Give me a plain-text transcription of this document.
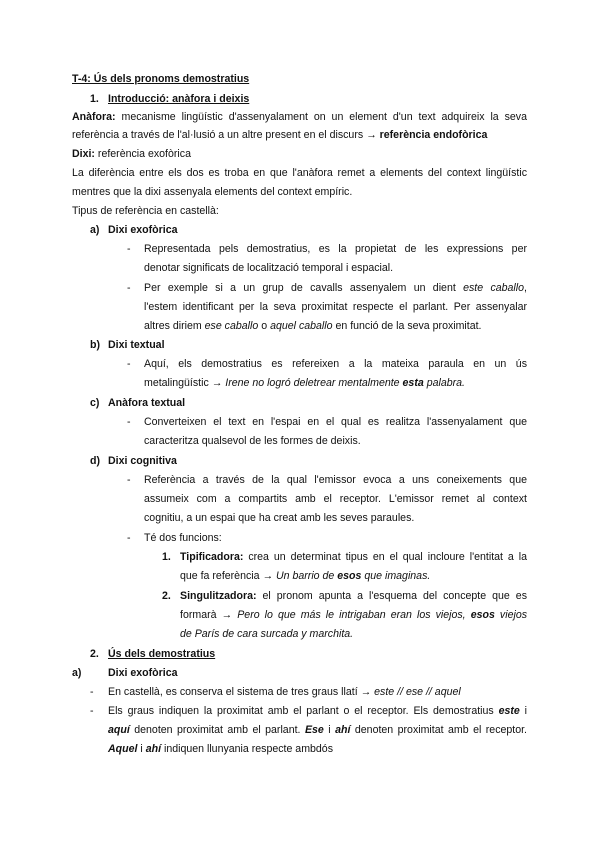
T-4: Ús dels pronoms demostratius
1. Introducció: anàfora i deixis
Anàfora: mecanisme lingüístic d'assenyalament on un element d'un text adquireix la seva
referència a través de l'al·lusió a un altre present en el discurs → referència endofòrica
Dixi: referència exofòrica
La diferència entre els dos es troba en que l'anàfora remet a elements del context lingüístic
mentres que la dixi assenyala elements del context empíric.
Tipus de referència en castellà:
a) Dixi exofòrica
- Representada pels demostratius, es la propietat de les expressions per
denotar significats de localització temporal i espacial.
- Per exemple si a un grup de cavalls assenyalem un dient este caballo,
l'estem identificant per la seva proximitat respecte el parlant. Per assenyalar
altres diriem ese caballo o aquel caballo en funció de la seva proximitat.
b) Dixi textual
- Aquí, els demostratius es refereixen a la mateixa paraula en un ús
metalingüístic → Irene no logró deletrear mentalmente esta palabra.
c) Anàfora textual
- Converteixen el text en l'espai en el qual es realitza l'assenyalament que
caracteritza qualsevol de les formes de deixis.
d) Dixi cognitiva
- Referència a través de la qual l'emissor evoca a uns coneixements que
assumeix com a compartits amb el receptor. L'emissor remet al context
cognitiu, a un espai que ha creat amb les seves paraules.
- Té dos funcions:
1. Tipificadora: crea un determinat tipus en el qual incloure l'entitat a la
que fa referència → Un barrio de esos que imaginas.
2. Singulitzadora: el pronom apunta a l'esquema del concepte que es
formarà → Pero lo que más le intrigaban eran los viejos, esos viejos
de París de cara surcada y marchita.
2. Ús dels demostratius
a)	Dixi exofòrica
- En castellà, es conserva el sistema de tres graus llatí → este // ese // aquel
- Els graus indiquen la proximitat amb el parlant o el receptor. Els demostratius este i
aquí denoten proximitat amb el parlant. Ese i ahí denoten proximitat amb el receptor.
Aquel i ahí indiquen llunyania respecte ambdós
